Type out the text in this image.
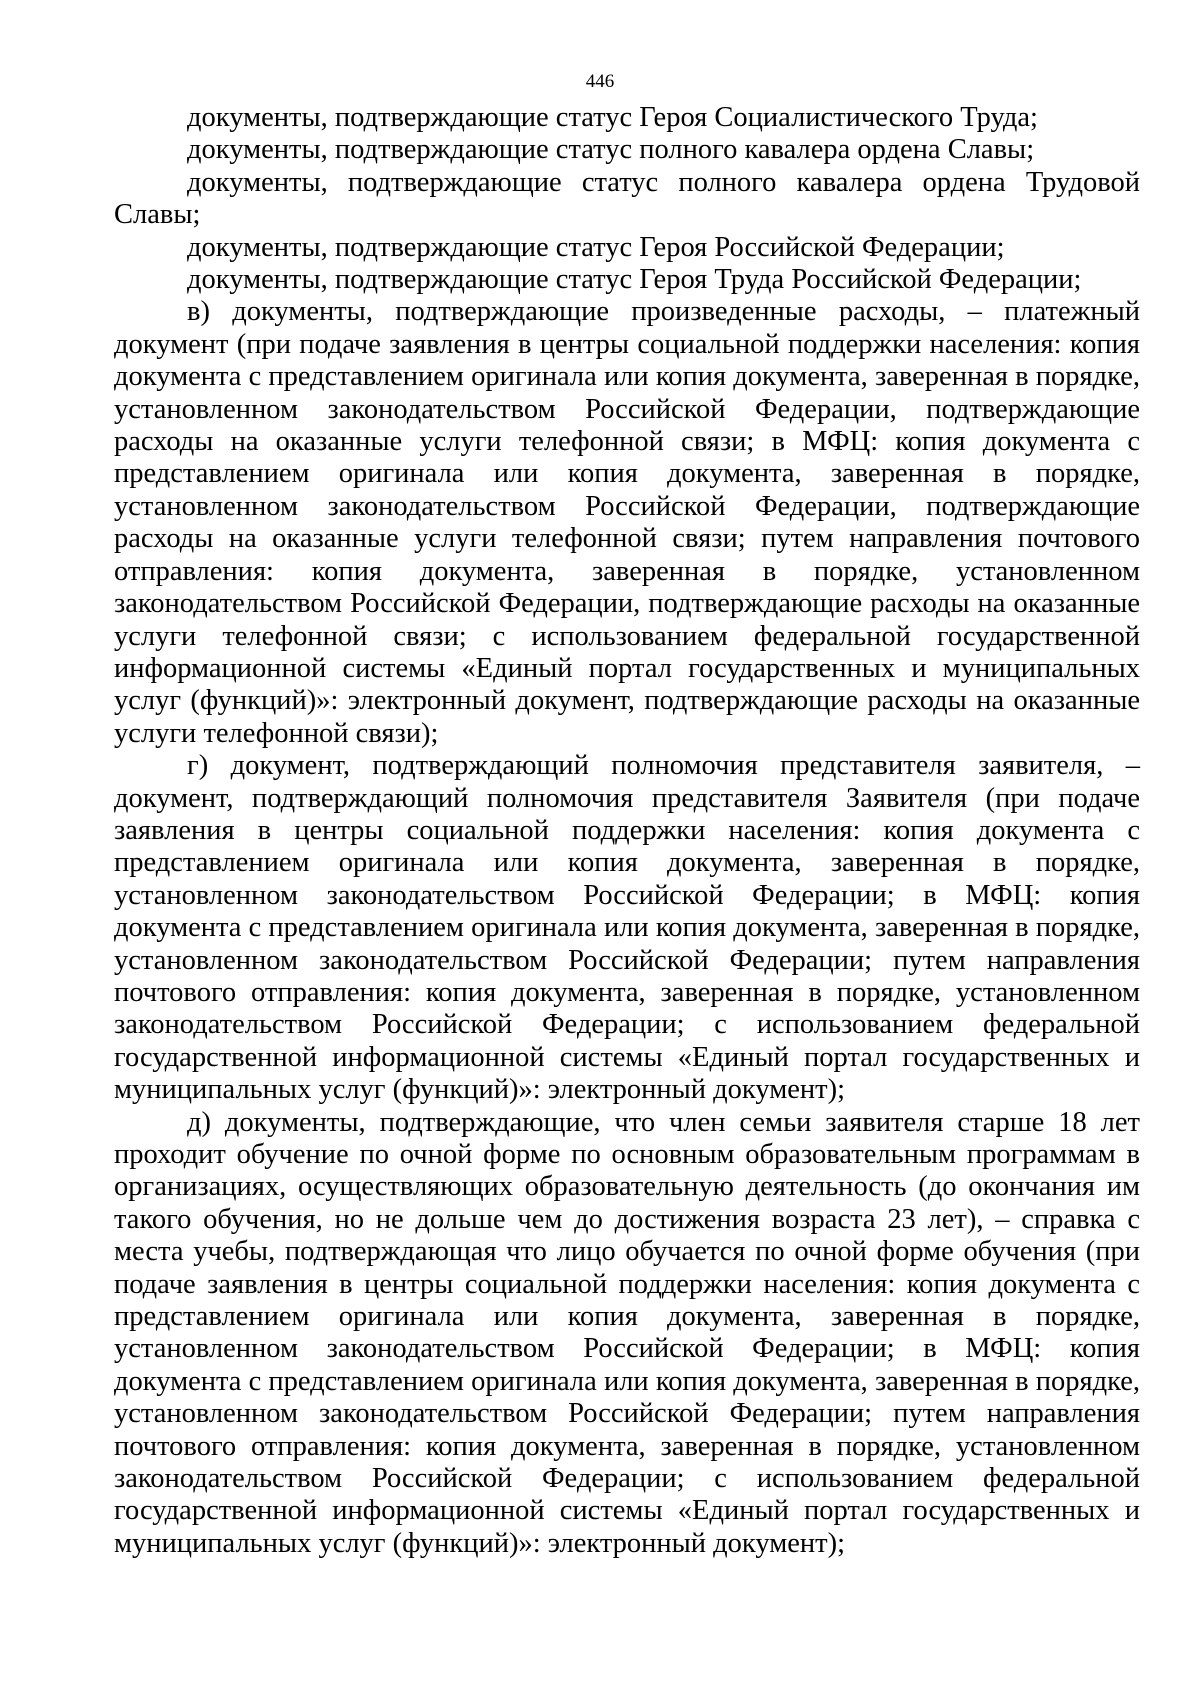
446

документы, подтверждающие статус Героя Социалистического Труда;

документы, подтверждающие статус полного кавалера ордена Славы;

документы, подтверждающие статус полного кавалера ордена Трудовой Славы;

документы, подтверждающие статус Героя Российской Федерации;

документы, подтверждающие статус Героя Труда Российской Федерации;

в) документы, подтверждающие произведенные расходы, – платежный документ (при подаче заявления в центры социальной поддержки населения: копия документа с представлением оригинала или копия документа, заверенная в порядке, установленном законодательством Российской Федерации, подтверждающие расходы на оказанные услуги телефонной связи; в МФЦ: копия документа с представлением оригинала или копия документа, заверенная в порядке, установленном законодательством Российской Федерации, подтверждающие расходы на оказанные услуги телефонной связи; путем направления почтового отправления: копия документа, заверенная в порядке, установленном законодательством Российской Федерации, подтверждающие расходы на оказанные услуги телефонной связи; с использованием федеральной государственной информационной системы «Единый портал государственных и муниципальных услуг (функций)»: электронный документ, подтверждающие расходы на оказанные услуги телефонной связи);

г) документ, подтверждающий полномочия представителя заявителя, – документ, подтверждающий полномочия представителя Заявителя (при подаче заявления в центры социальной поддержки населения: копия документа с представлением оригинала или копия документа, заверенная в порядке, установленном законодательством Российской Федерации; в МФЦ: копия документа с представлением оригинала или копия документа, заверенная в порядке, установленном законодательством Российской Федерации; путем направления почтового отправления: копия документа, заверенная в порядке, установленном законодательством Российской Федерации; с использованием федеральной государственной информационной системы «Единый портал государственных и муниципальных услуг (функций)»: электронный документ);

д) документы, подтверждающие, что член семьи заявителя старше 18 лет проходит обучение по очной форме по основным образовательным программам в организациях, осуществляющих образовательную деятельность (до окончания им такого обучения, но не дольше чем до достижения возраста 23 лет), – справка с места учебы, подтверждающая что лицо обучается по очной форме обучения (при подаче заявления в центры социальной поддержки населения: копия документа с представлением оригинала или копия документа, заверенная в порядке, установленном законодательством Российской Федерации; в МФЦ: копия документа с представлением оригинала или копия документа, заверенная в порядке, установленном законодательством Российской Федерации; путем направления почтового отправления: копия документа, заверенная в порядке, установленном законодательством Российской Федерации; с использованием федеральной государственной информационной системы «Единый портал государственных и муниципальных услуг (функций)»: электронный документ);
